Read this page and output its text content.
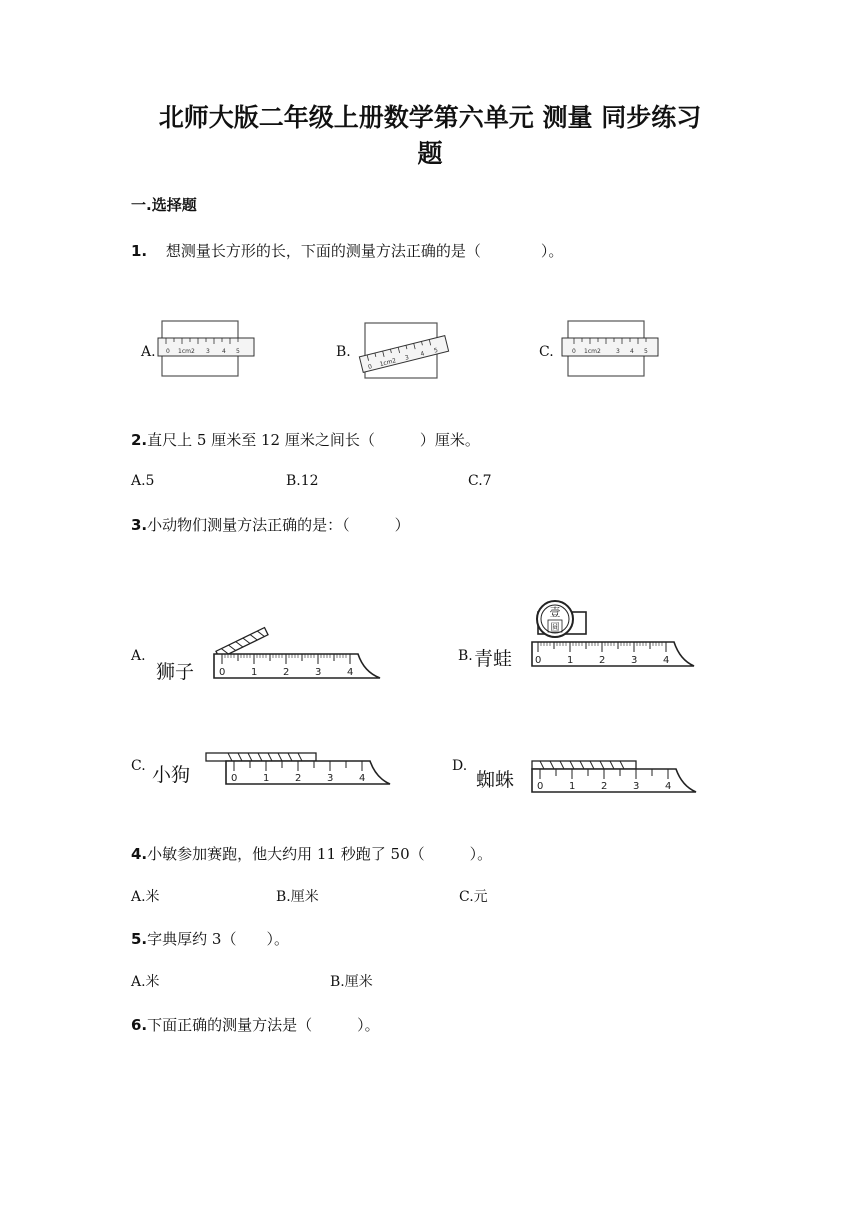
北师大版二年级上册数学第六单元 测量 同步练习
题
一.选择题
1. 想测量长方形的长，下面的测量方法正确的是（　　　　）。
A.	B.	C.
0 1cm2 3 4 5
0 1cm2 3
4 5	0 1cm2	3 4 5
2.直尺上 5 厘米至 12 厘米之间长（　　　）厘米。
A.5	B.12	C.7
3.小动物们测量方法正确的是：（　　　）
A.	B.
C.	D.
狮子
青蛙
小狗	蜘蛛
0	1	2	3	4
壹
圆
0	1	2	3	4
0	1	2	3	4
0	1	2	3	4
4.小敏参加赛跑，他大约用 11 秒跑了 50（　　　）。
A.米	B.厘米	C.元
5.字典厚约 3（　　）。
A.米	B.厘米
6.下面正确的测量方法是（　　　）。
